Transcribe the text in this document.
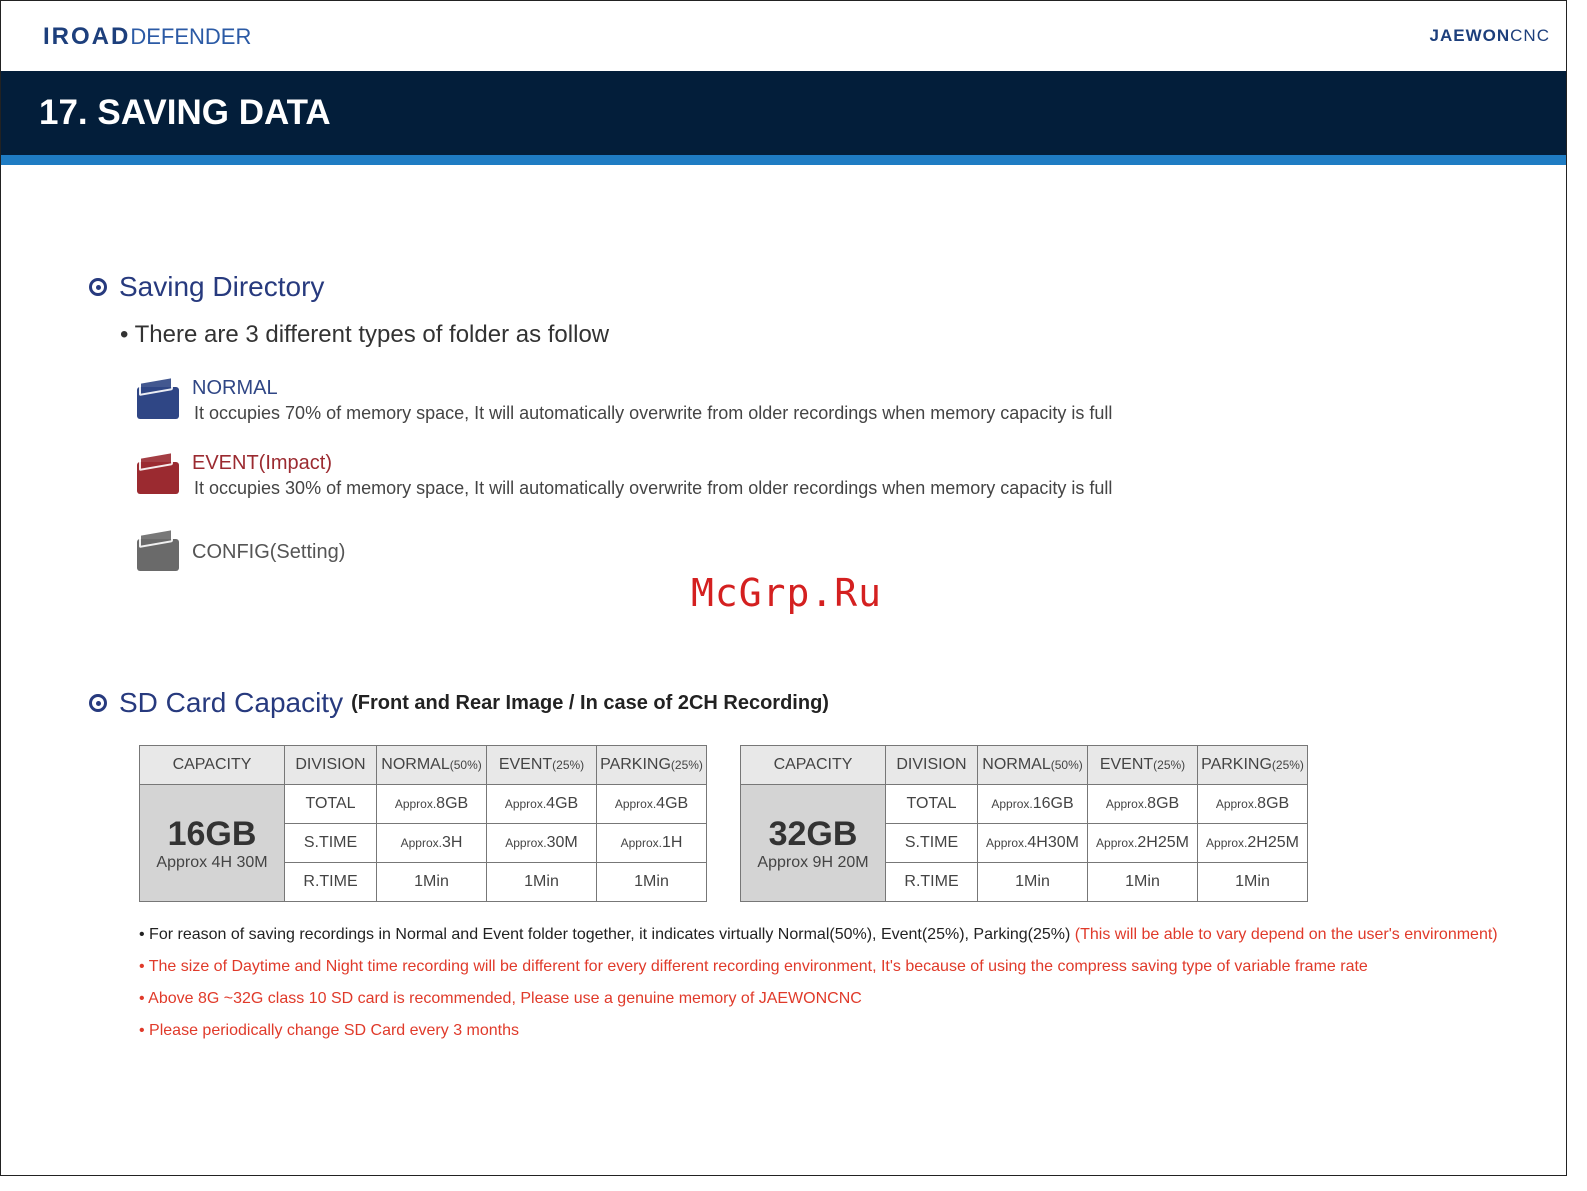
IROADDEFENDER	JAEWONCNC
17. SAVING DATA
Saving Directory
• There are 3 different types of folder as follow
NORMAL
It occupies 70% of memory space, It will automatically overwrite from older recordings when memory capacity is full
EVENT(Impact)
It occupies 30% of memory space, It will automatically overwrite from older recordings when memory capacity is full
CONFIG(Setting)
McGrp.Ru
SD Card Capacity (Front and Rear Image / In case of 2CH Recording)
CAPACITY	DIVISION	NORMAL(50%)	EVENT(25%)	PARKING(25%)

16GB
Approx 4H 30M	TOTAL	Approx.8GB	Approx.4GB	Approx.4GB
	S.TIME	Approx.3H	Approx.30M	Approx.1H
	R.TIME	1Min	1Min	1Min
CAPACITY	DIVISION	NORMAL(50%)	EVENT(25%)	PARKING(25%)

32GB
Approx 9H 20M	TOTAL	Approx.16GB	Approx.8GB	Approx.8GB
	S.TIME	Approx.4H30M	Approx.2H25M	Approx.2H25M
	R.TIME	1Min	1Min	1Min
• For reason of saving recordings in Normal and Event folder together, it indicates virtually Normal(50%), Event(25%), Parking(25%) (This will be able to vary depend on the user's environment)
• The size of Daytime and Night time recording will be different for every different recording environment, It's because of using the compress saving type of variable frame rate
• Above 8G ~32G class 10 SD card is recommended, Please use a genuine memory of JAEWONCNC
• Please periodically change SD Card every 3 months
